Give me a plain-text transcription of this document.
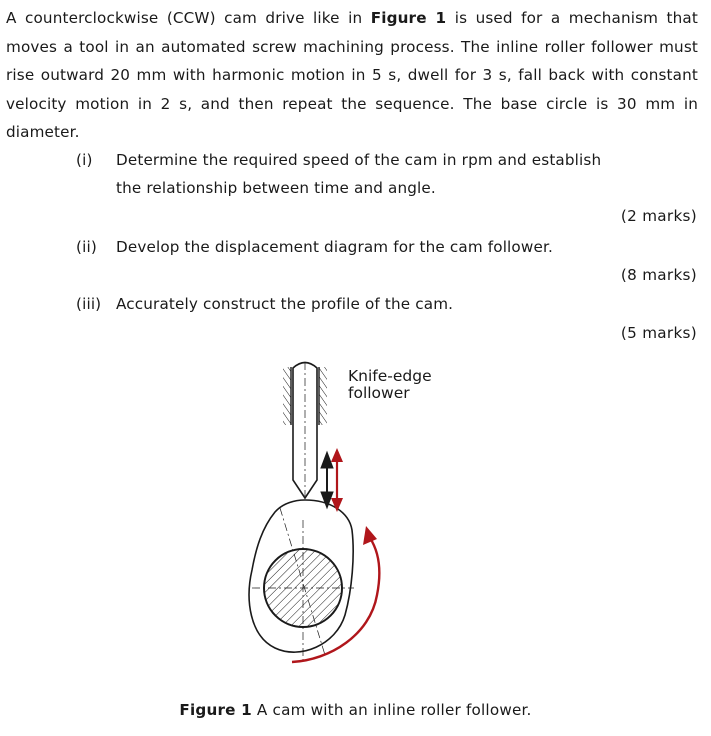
A counterclockwise (CCW) cam drive like in Figure 1 is used for a mechanism that moves a tool in an automated screw machining process. The inline roller follower must rise outward 20 mm with harmonic motion in 5 s, dwell for 3 s, fall back with constant velocity motion in 2 s, and then repeat the sequence. The base circle is 30 mm in diameter.
(i) Determine the required speed of the cam in rpm and establish
the relationship between time and angle.
(2 marks)
(ii) Develop the displacement diagram for the cam follower.
(8 marks)
(iii) Accurately construct the profile of the cam.
(5 marks)
Knife-edge
follower
Figure 1 A cam with an inline roller follower.
